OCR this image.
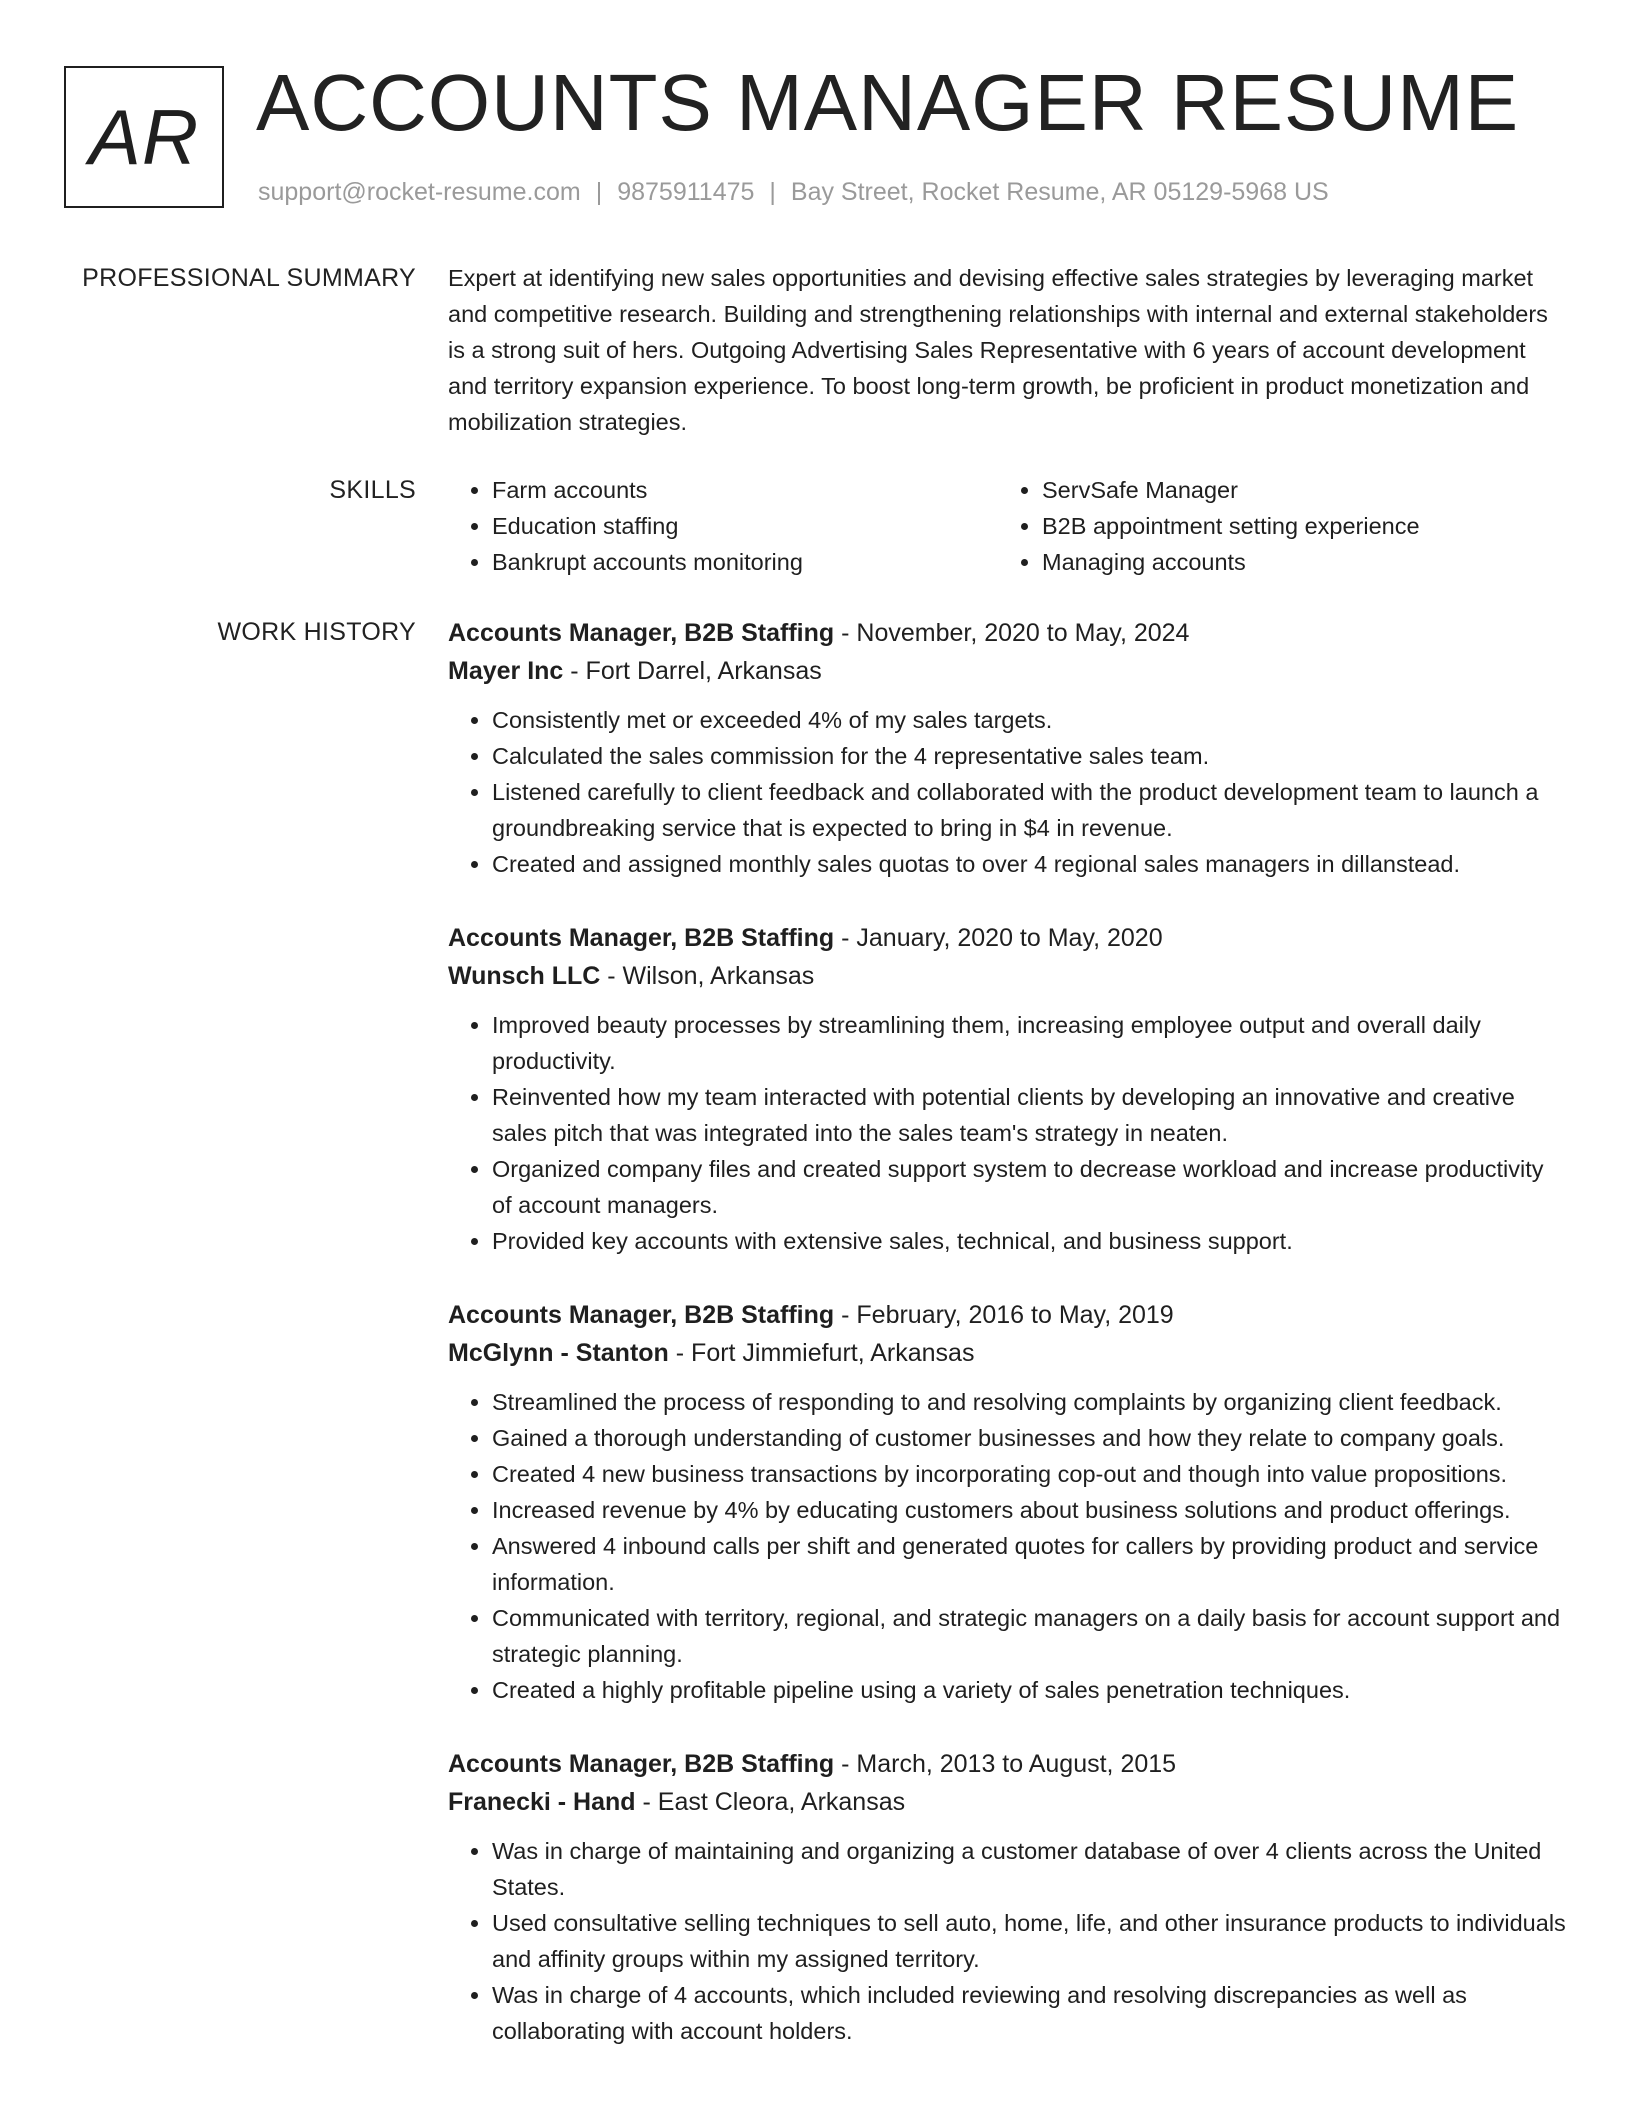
AR ACCOUNTS MANAGER RESUME
support@rocket-resume.com | 9875911475 | Bay Street, Rocket Resume, AR 05129-5968 US
PROFESSIONAL SUMMARY Expert at identifying new sales opportunities and devising effective sales strategies by leveraging market and competitive research. Building and strengthening relationships with internal and external stakeholders is a strong suit of hers. Outgoing Advertising Sales Representative with 6 years of account development and territory expansion experience. To boost long-term growth, be proficient in product monetization and mobilization strategies.
SKILLS
•	Farm accounts
• Education staffing
• Bankrupt accounts monitoring
• ServSafe Manager
• B2B appointment setting experience
• Managing accounts
WORK HISTORY Accounts Manager, B2B Staffing - November, 2020 to May, 2024
Mayer Inc - Fort Darrel, Arkansas
• Consistently met or exceeded 4% of my sales targets.
• Calculated the sales commission for the 4 representative sales team.
• Listened carefully to client feedback and collaborated with the product development team to launch a groundbreaking service that is expected to bring in $4 in revenue.
• Created and assigned monthly sales quotas to over 4 regional sales managers in dillanstead.
Accounts Manager, B2B Staffing - January, 2020 to May, 2020
Wunsch LLC - Wilson, Arkansas
• Improved beauty processes by streamlining them, increasing employee output and overall daily productivity.
• Reinvented how my team interacted with potential clients by developing an innovative and creative sales pitch that was integrated into the sales team's strategy in neaten.
• Organized company files and created support system to decrease workload and increase productivity of account managers.
• Provided key accounts with extensive sales, technical, and business support.
Accounts Manager, B2B Staffing - February, 2016 to May, 2019
McGlynn - Stanton - Fort Jimmiefurt, Arkansas
• Streamlined the process of responding to and resolving complaints by organizing client feedback.
• Gained a thorough understanding of customer businesses and how they relate to company goals.
• Created 4 new business transactions by incorporating cop-out and though into value propositions.
• Increased revenue by 4% by educating customers about business solutions and product offerings.
• Answered 4 inbound calls per shift and generated quotes for callers by providing product and service information.
• Communicated with territory, regional, and strategic managers on a daily basis for account support and strategic planning.
• Created a highly profitable pipeline using a variety of sales penetration techniques.
Accounts Manager, B2B Staffing - March, 2013 to August, 2015
Franecki - Hand - East Cleora, Arkansas
• Was in charge of maintaining and organizing a customer database of over 4 clients across the United States.
• Used consultative selling techniques to sell auto, home, life, and other insurance products to individuals and affinity groups within my assigned territory.
• Was in charge of 4 accounts, which included reviewing and resolving discrepancies as well as collaborating with account holders.
